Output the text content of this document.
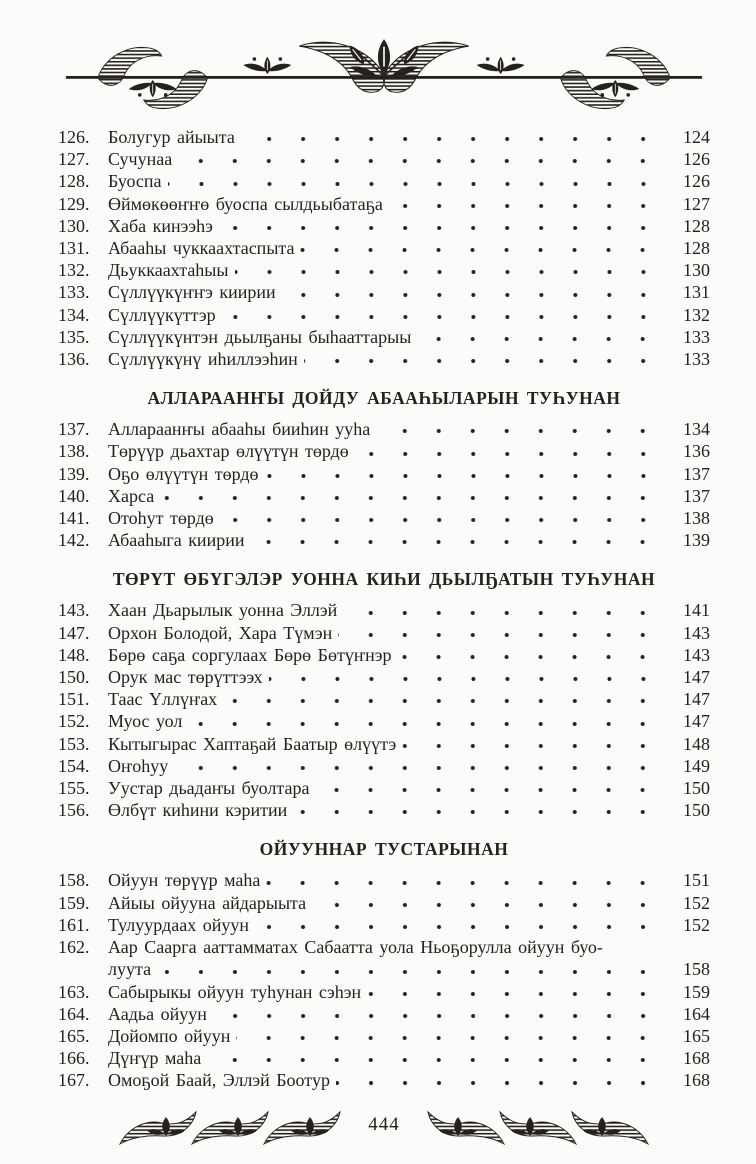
126.	Болугур айыыта	124
127.	Сучунаа	126
128.	Буоспа	126
129.	Өймөкөөҥҥө буоспа сылдьыбатаҕа	127
130.	Хаба кинээһэ	128
131.	Абааһы чуккаахтаспыта	128
132.	Дьуккаахтаһыы	130
133.	Сүллүүкүҥҥэ киирии	131
134.	Сүллүүкүттэр	132
135.	Сүллүүкүнтэн дьылҕаны быһааттарыы	133
136.	Сүллүүкүнү иһиллээһин	133
АЛЛАРААНҤЫ ДОЙДУ АБААҺЫЛАРЫН ТУҺУНАН
137.	Аллараанҥы абааһы бииһин ууһа	134
138.	Төрүүр дьахтар өлүүтүн төрдө	136
139.	Оҕо өлүүтүн төрдө	137
140.	Харса	137
141.	Отоһут төрдө	138
142.	Абааһыга киирии	139
ТӨРҮТ ӨБҮГЭЛЭР УОННА КИҺИ ДЬЫЛҔАТЫН ТУҺУНАН
143.	Хаан Дьарылык уонна Эллэй	141
147.	Орхон Болодой, Хара Түмэн	143
148.	Бөрө саҕа соргулаах Бөрө Бөтүҥнэр	143
150.	Орук мас төрүттээх	147
151.	Таас Үллүҥах	147
152.	Муос уол	147
153.	Кытыгырас Хаптаҕай Баатыр өлүүтэ	148
154.	Оҥоһуу	149
155.	Уустар дьадаҥы буолтара	150
156.	Өлбүт киһини кэритии	150
ОЙУУННАР ТУСТАРЫНАН
158.	Ойуун төрүүр маһа	151
159.	Айыы ойууна айдарыыта	152
161.	Тулуурдаах ойуун	152
162.	Аар Саарга ааттамматах Сабаатта уола Ньоҕорулла ойуун буо-
луута	158
163.	Сабырыкы ойуун туһунан сэһэн	159
164.	Аадьа ойуун	164
165.	Дойомпо ойуун	165
166.	Дүҥүр маһа	168
167.	Омоҕой Баай, Эллэй Боотур	168
444
